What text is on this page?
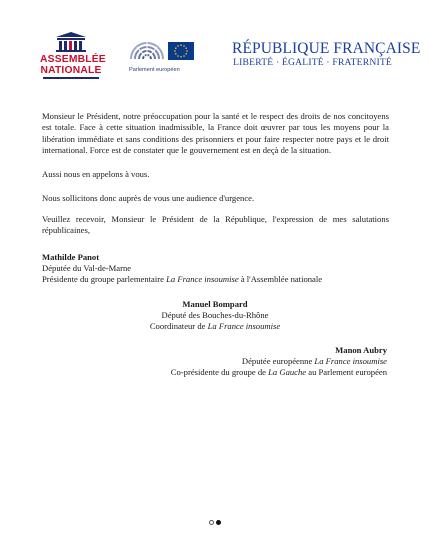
ASSEMBLÉE
NATIONALE	Parlement européen
RÉPUBLIQUE FRANÇAISE
LIBERTÉ · ÉGALITÉ · FRATERNITÉ
Monsieur le Président, notre préoccupation pour la santé et le respect des droits de nos concitoyens est totale. Face à cette situation inadmissible, la France doit œuvrer par tous les moyens pour la libération immédiate et sans conditions des prisonniers et pour faire respecter notre pays et le droit international. Force est de constater que le gouvernement est en deçà de la situation.
Aussi nous en appelons à vous.
Nous sollicitons donc auprès de vous une audience d'urgence.
Veuillez recevoir, Monsieur le Président de la République, l'expression de mes salutations républicaines,
Mathilde Panot
Députée du Val-de-Marne
Présidente du groupe parlementaire La France insoumise à l'Assemblée nationale
Manuel Bompard
Député des Bouches-du-Rhône
Coordinateur de La France insoumise
Manon Aubry
Députée européenne La France insoumise
Co-présidente du groupe de La Gauche au Parlement européen
